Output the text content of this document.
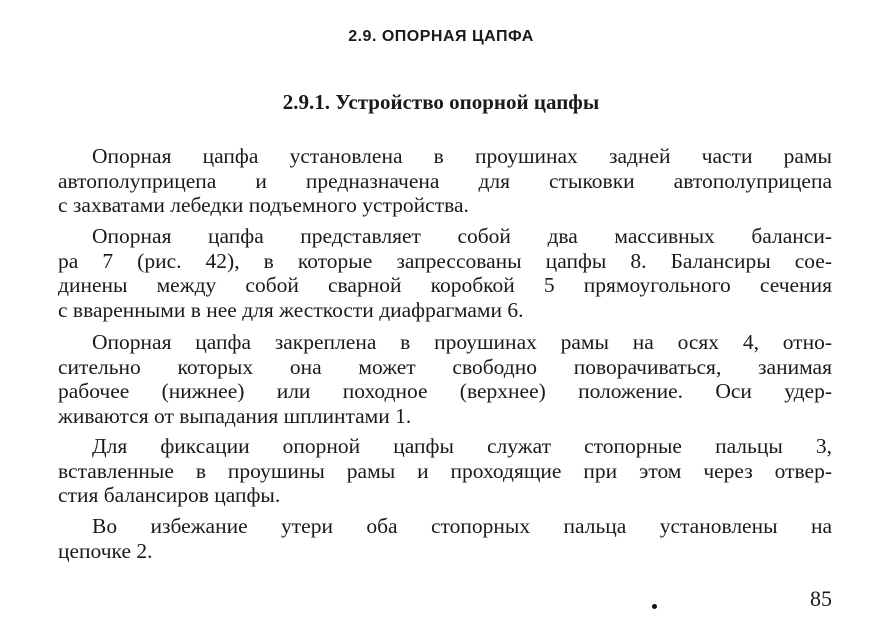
2.9. ОПОРНАЯ ЦАПФА
2.9.1. Устройство опорной цапфы
Опорная цапфа установлена в проушинах задней части рамы
автополуприцепа и предназначена для стыковки автополуприцепа
с захватами лебедки подъемного устройства.
Опорная цапфа представляет собой два массивных баланси-
ра 7 (рис. 42), в которые запрессованы цапфы 8. Балансиры сое-
динены между собой сварной коробкой 5 прямоугольного сечения
с вваренными в нее для жесткости диафрагмами 6.
Опорная цапфа закреплена в проушинах рамы на осях 4, отно-
сительно которых она может свободно поворачиваться, занимая
рабочее (нижнее) или походное (верхнее) положение. Оси удер-
живаются от выпадания шплинтами 1.
Для фиксации опорной цапфы служат стопорные пальцы 3,
вставленные в проушины рамы и проходящие при этом через отвер-
стия балансиров цапфы.
Во избежание утери оба стопорных пальца установлены на
цепочке 2.
85
